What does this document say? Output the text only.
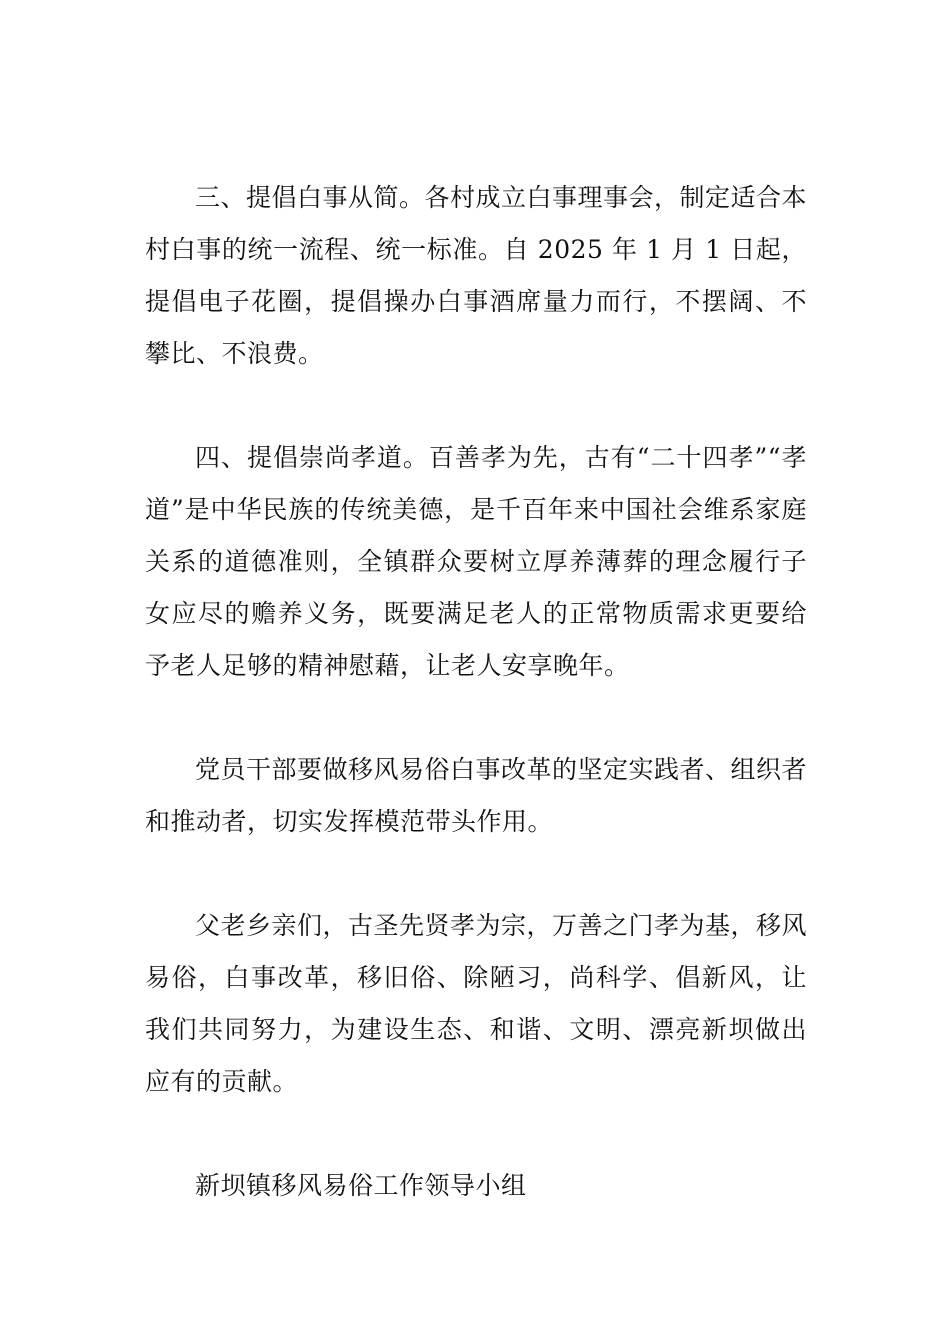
三、提倡白事从简。各村成立白事理事会，制定适合本村白事的统一流程、统一标准。自 2025 年 1 月 1 日起，提倡电子花圈，提倡操办白事酒席量力而行，不摆阔、不攀比、不浪费。

四、提倡崇尚孝道。百善孝为先，古有“二十四孝”“孝道”是中华民族的传统美德，是千百年来中国社会维系家庭关系的道德准则，全镇群众要树立厚养薄葬的理念履行子女应尽的赡养义务，既要满足老人的正常物质需求更要给予老人足够的精神慰藉，让老人安享晚年。

党员干部要做移风易俗白事改革的坚定实践者、组织者和推动者，切实发挥模范带头作用。

父老乡亲们，古圣先贤孝为宗，万善之门孝为基，移风易俗，白事改革，移旧俗、除陋习，尚科学、倡新风，让我们共同努力，为建设生态、和谐、文明、漂亮新坝做出应有的贡献。

新坝镇移风易俗工作领导小组
